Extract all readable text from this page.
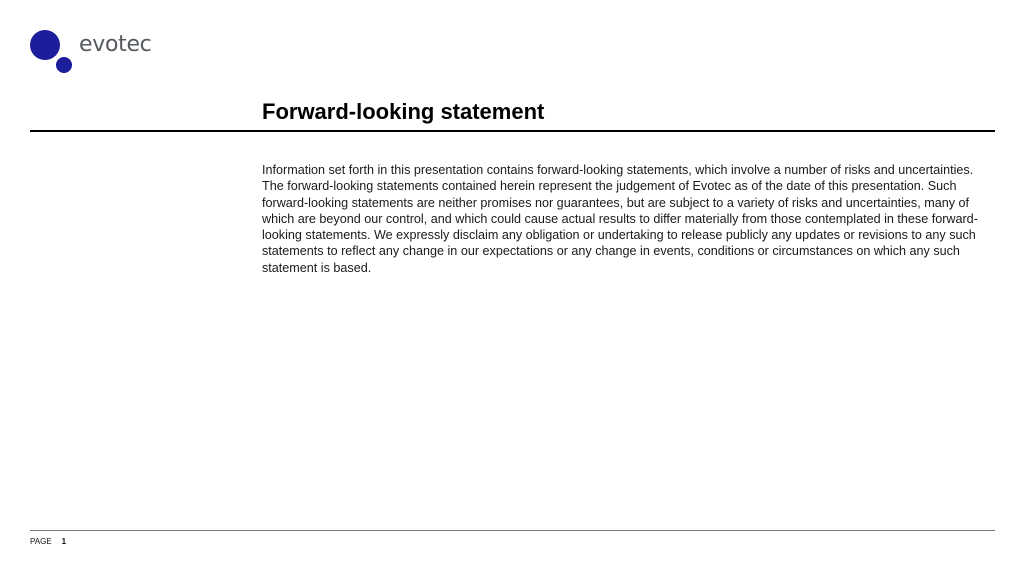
evotec
Forward-looking statement

Information set forth in this presentation contains forward-looking statements, which involve a number of risks and uncertainties. The forward-looking statements contained herein represent the judgement of Evotec as of the date of this presentation. Such forward-looking statements are neither promises nor guarantees, but are subject to a variety of risks and uncertainties, many of which are beyond our control, and which could cause actual results to differ materially from those contemplated in these forward-looking statements. We expressly disclaim any obligation or undertaking to release publicly any updates or revisions to any such statements to reflect any change in our expectations or any change in events, conditions or circumstances on which any such statement is based.

PAGE 1
